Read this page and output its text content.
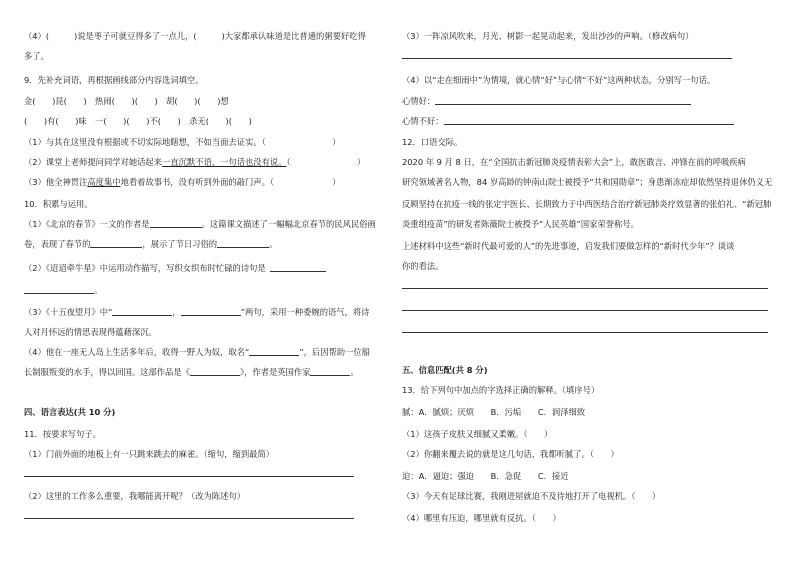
（4）(　　　)说是枣子可就豆得多了一点儿，(　　　)大家都承认味道是比普通的粥要好吃得
多了。
9．先补充词语，再根据画线部分内容选词填空。
金(　　)昆(　　)　热闹(　　)(　　)　胡(　　)(　　)想
(　　)有(　　)味　一(　　)(　　)不(　　)　杀无(　　)(　　)
（1）与其在这里没有根据或不切实际地瞎想，不如当面去证实。（　　　　　　　　）
（2）课堂上老师提问同学对她话起来一直沉默不语，一句话也没有说。（　　　　　　　　）
（3）他全神贯注高度集中地看着故事书，没有听到外面的敲门声。（　　　　　　　）
10．积累与运用。
（1）《北京的春节》一文的作者是	。这篇课文描述了一幅幅北京春节的民风民俗画
卷，表现了春节的	，展示了节日习俗的	。
（2）《迢迢牵牛星》中运用动作描写，写织女织布时忙碌的诗句是
。
（3）《十五夜望月》中“	，	”两句，采用一种委婉的语气，将诗
人对月怀远的情思表现得蕴藉深沉。
（4）他在一座无人岛上生活多年后，收得一野人为奴，取名“	”，后因帮助一位船
长制服叛变的水手，得以回国。这部作品是《	》，作者是英国作家	。
四、语言表达(共 10 分)
11．按要求写句子。
（1）门前外面的地板上有一只跳来跳去的麻雀。（缩句，缩到最简）
（2）这里的工作多么重要，我哪能离开呢？（改为陈述句）
（3）一阵凉风吹来，月光、树影一起晃动起来，发出沙沙的声响。（修改病句）
（4）以“走在细雨中”为情境，就心情“好”与心情“不好”这两种状态，分别写一句话。
心情好：
心情不好：
12．口语交际。
2020 年 9 月 8 日，在“全国抗击新冠肺炎疫情表彰大会”上，敢医敢言、冲锋在前的呼吸疾病
研究领域著名人物，84 岁高龄的钟南山院士被授予“共和国勋章”；身患渐冻症却依然坚持退休仍义无
反顾坚持在抗疫一线的张定宇医长、长期致力于中西医结合治疗新冠肺炎疗效显著的张伯礼、“新冠肺
炎重组疫苗”的研发者陈薇院士被授予“人民英雄”国家荣誉称号。
上述材料中这些“新时代最可爱的人”的先进事迹，启发我们要做怎样的“新时代少年”？谈谈
你的看法。
五、信息匹配(共 8 分)
13．给下列句中加点的字选择正确的解释。（填序号）
腻：A．腻烦；厌烦　　B．污垢　　C．润泽细致
（1）这孩子皮肤又细腻又柔嫩。（　　）
（2）你翻来覆去说的就是这几句话，我都听腻了。（　　）
迫：A．逼迫；强迫　　B．急促　　C．接近
（3）今天有足球比赛，我刚进屋就迫不及待地打开了电视机。（　　）
（4）哪里有压迫，哪里就有反抗。（　　）
